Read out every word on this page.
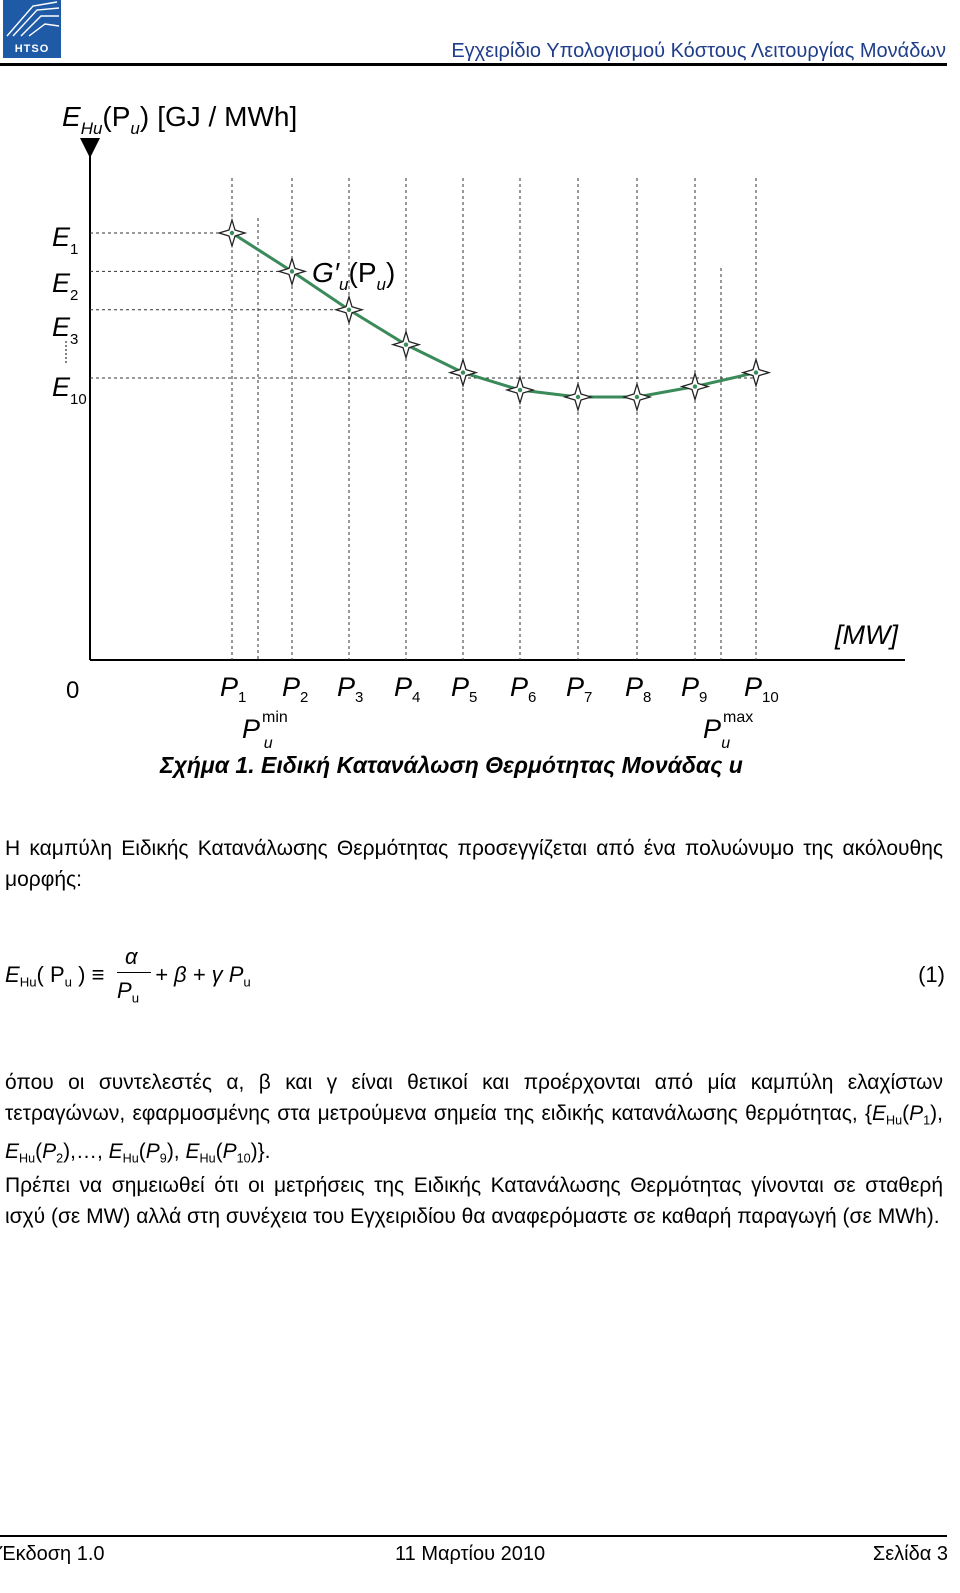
HTSO	Εγχειρίδιο Υπολογισμού Κόστους Λειτουργίας Μονάδων
$E_{Hu}(P_u)$ [GJ / MWh]
[MW]
0
$E_1$
$E_2$
$E_3$
$E_{10}$
$G'_u(P_u)$
$P_1$ $P_2$ $P_3$ $P_4$ $P_5$ $P_6$ $P_7$ $P_8$ $P_9$ $P_{10}$
P $^{min}$ u	P $^{max}$ u
Σχήμα 1. Ειδική Κατανάλωση Θερμότητας Μονάδας u
Η καμπύλη Ειδικής Κατανάλωσης Θερμότητας προσεγγίζεται από ένα πολυώνυμο της ακόλουθης μορφής:
$E_{Hu}$( $P_u$ ) ≡
α
$P_u$
+ β + γ $P_u$	(1)
όπου οι συντελεστές α, β και γ είναι θετικοί και προέρχονται από μία καμπύλη ελαχίστων τετραγώνων, εφαρμοσμένης στα μετρούμενα σημεία της ειδικής κατανάλωσης θερμότητας, {$E_{Hu}(P_1)$, $E_{Hu}(P_2),\dots$, $E_{Hu}(P_9)$, $E_{Hu}(P_{10})$}.
Πρέπει να σημειωθεί ότι οι μετρήσεις της Ειδικής Κατανάλωσης Θερμότητας γίνονται σε σταθερή ισχύ (σε MW) αλλά στη συνέχεια του Εγχειριδίου θα αναφερόμαστε σε καθαρή παραγωγή (σε MWh).
Έκδοση 1.0	11 Μαρτίου 2010	Σελίδα 3
